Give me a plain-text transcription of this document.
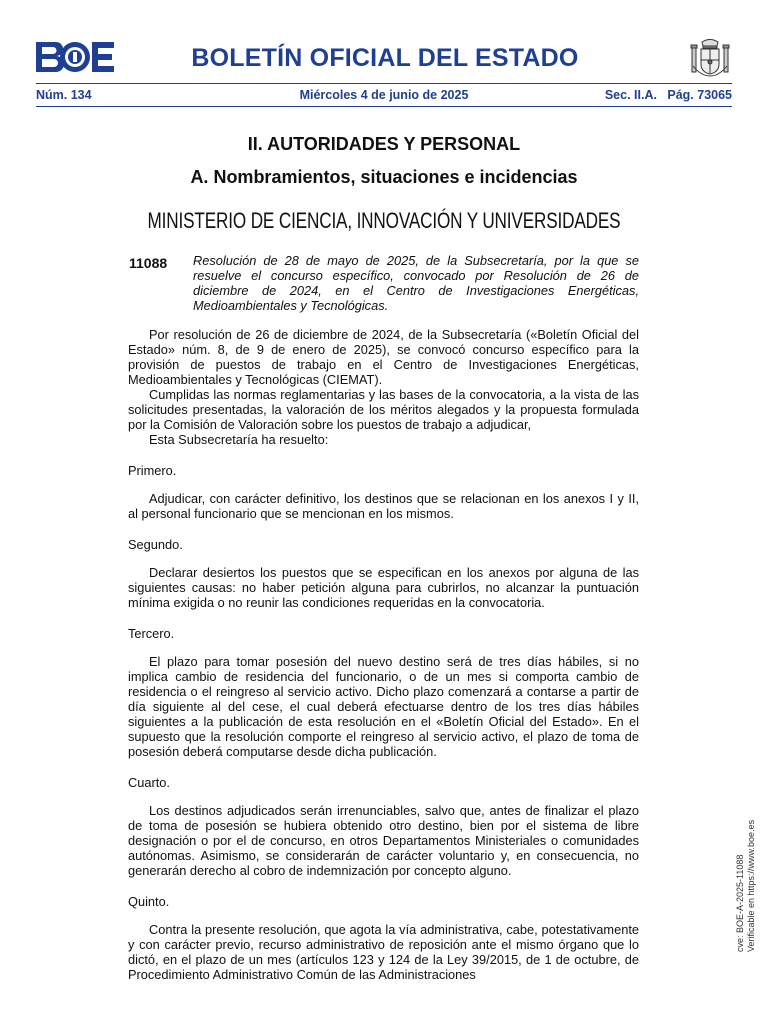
BOLETÍN OFICIAL DEL ESTADO
Núm. 134	Miércoles 4 de junio de 2025	Sec. II.A.   Pág. 73065
II. AUTORIDADES Y PERSONAL
A. Nombramientos, situaciones e incidencias
MINISTERIO DE CIENCIA, INNOVACIÓN Y UNIVERSIDADES
11088 Resolución de 28 de mayo de 2025, de la Subsecretaría, por la que se resuelve el concurso específico, convocado por Resolución de 26 de diciembre de 2024, en el Centro de Investigaciones Energéticas, Medioambientales y Tecnológicas.

Por resolución de 26 de diciembre de 2024, de la Subsecretaría («Boletín Oficial del Estado» núm. 8, de 9 de enero de 2025), se convocó concurso específico para la provisión de puestos de trabajo en el Centro de Investigaciones Energéticas, Medioambientales y Tecnológicas (CIEMAT).

Cumplidas las normas reglamentarias y las bases de la convocatoria, a la vista de las solicitudes presentadas, la valoración de los méritos alegados y la propuesta formulada por la Comisión de Valoración sobre los puestos de trabajo a adjudicar,

Esta Subsecretaría ha resuelto:

Primero.

Adjudicar, con carácter definitivo, los destinos que se relacionan en los anexos I y II, al personal funcionario que se mencionan en los mismos.

Segundo.

Declarar desiertos los puestos que se especifican en los anexos por alguna de las siguientes causas: no haber petición alguna para cubrirlos, no alcanzar la puntuación mínima exigida o no reunir las condiciones requeridas en la convocatoria.

Tercero.

El plazo para tomar posesión del nuevo destino será de tres días hábiles, si no implica cambio de residencia del funcionario, o de un mes si comporta cambio de residencia o el reingreso al servicio activo. Dicho plazo comenzará a contarse a partir de día siguiente al del cese, el cual deberá efectuarse dentro de los tres días hábiles siguientes a la publicación de esta resolución en el «Boletín Oficial del Estado». En el supuesto que la resolución comporte el reingreso al servicio activo, el plazo de toma de posesión deberá computarse desde dicha publicación.

Cuarto.

Los destinos adjudicados serán irrenunciables, salvo que, antes de finalizar el plazo de toma de posesión se hubiera obtenido otro destino, bien por el sistema de libre designación o por el de concurso, en otros Departamentos Ministeriales o comunidades autónomas. Asimismo, se considerarán de carácter voluntario y, en consecuencia, no generarán derecho al cobro de indemnización por concepto alguno.

Quinto.

Contra la presente resolución, que agota la vía administrativa, cabe, potestativamente y con carácter previo, recurso administrativo de reposición ante el mismo órgano que lo dictó, en el plazo de un mes (artículos 123 y 124 de la Ley 39/2015, de 1 de octubre, de Procedimiento Administrativo Común de las Administraciones

cve: BOE-A-2025-11088 Verificable en https://www.boe.es
